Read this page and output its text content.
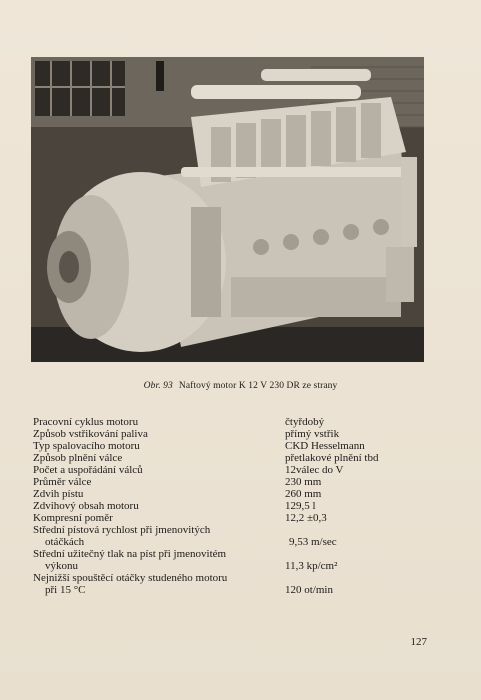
Obr. 93 Naftový motor K 12 V 230 DR ze strany
Pracovní cyklus motoru	čtyřdobý
Způsob vstřikování paliva	přímý vstřik
Typ spalovacího motoru	CKD Hesselmann
Způsob plnění válce	přetlakové plnění tbd
Počet a uspořádání válců	12válec do V
Průměr válce	230 mm
Zdvih pístu	260 mm
Zdvihový obsah motoru	129,5 l
Kompresní poměr	12,2 ±0,3
Střední pístová rychlost při jmenovitých
otáčkách	9,53 m/sec
Střední užitečný tlak na píst při jmenovitém
výkonu	11,3 kp/cm²
Nejnižší spouštěcí otáčky studeného motoru
při 15 °C	120 ot/min
127
